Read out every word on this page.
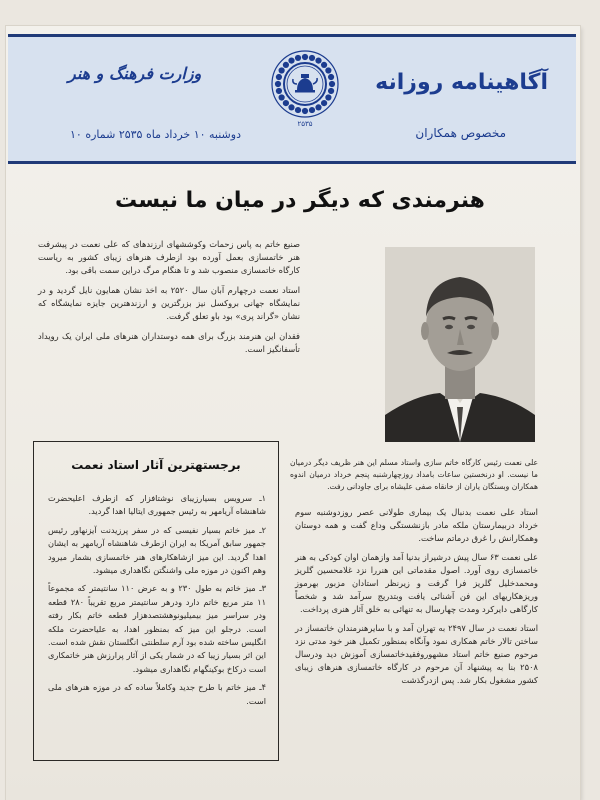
آگاهینامه روزانه
مخصوص همکاران
وزارت فرهنگ و هنر
دوشنبه ۱۰ خرداد ماه ۲۵۳۵ شماره ۱۰
۲۵۳۵
هنرمندی که دیگر در میان ما نیست

صنیع خاتم به پاس زحمات وکوششهای ارزندهای که علی نعمت در پیشرفت هنر خاتمسازی بعمل آورده بود ازطرف هنرهای زیبای کشور به ریاست کارگاه خاتمسازی منصوب شد و تا هنگام مرگ دراین سمت باقی بود.

استاد نعمت درچهارم آبان سال ۲۵۲۰ به اخذ نشان همایون نایل گردید و در نمایشگاه جهانی بروکسل نیز بزرگترین و ارزندهترین جایزه نمایشگاه که نشان «گراند پری» بود باو تعلق گرفت.

فقدان این هنرمند بزرگ برای همه دوستداران هنرهای ملی ایران یک رویداد تأسفانگیز است.

علی نعمت رئیس کارگاه خاتم سازی واستاد مسلم این هنر ظریف دیگر درمیان ما نیست. او درنخستین ساعات بامداد روزچهارشنبه پنجم خرداد درمیان اندوه همکاران وبستگان یاران از خانقاه صفی علیشاه برای جاودانی رفت.

استاد علی نعمت بدنبال یک بیماری طولانی عصر روزدوشنبه سوم خرداد دربیمارستان ملکه مادر بازنشستگی وداع گفت و همه دوستان وهمکارانش را غرق درماتم ساخت.

علی نعمت ۶۳ سال پیش درشیراز بدنیا آمد وازهمان اوان کودکی به هنر خاتمسازی روی آورد. اصول مقدماتی این هنررا نزد غلامحسین گلریز ومحمدخلیل گلریز فرا گرفت و زیرنظر استادان مزبور بهرموز وریزهکاریهای این فن آشنائی یافت وبتدریج سرآمد شد و شخصاً کارگاهی دایرکرد ومدت چهارسال به تنهائی به خلق آثار هنری پرداخت.

استاد نعمت در سال ۲۴۹۷ به تهران آمد و با سایرهنرمندان خاتمساز در ساختن تالار خاتم همکاری نمود وآنگاه بمنظور تکمیل هنر خود مدتی نزد مرحوم صنیع خاتم استاد مشهوروفقیدخاتمسازی آموزش دید ودرسال ۲۵۰۸ بنا به پیشنهاد آن مرحوم در کارگاه خاتمسازی هنرهای زیبای کشور مشغول بکار شد. پس ازدرگذشت

برجستهترین آثار استاد نعمت

۱ـ سرویس بسیارزیبای نوشتافزار که ازطرف اعلیحضرت شاهنشاه آریامهر به رئیس جمهوری ایتالیا اهدا گردید.

۲ـ میز خاتم بسیار نفیسی که در سفر پرزیدنت آیزنهاور رئیس جمهور سابق آمریکا به ایران ازطرف شاهنشاه آریامهر به ایشان اهدا گردید. این میز ازشاهکارهای هنر خاتمسازی بشمار میرود وهم اکنون در موزه ملی واشنگتن نگاهداری میشود.

۳ـ میز خاتم به طول ۲۳۰ و به عرض ۱۱۰ سانتیمتر که مجموعاً ۱۱ متر مربع خاتم دارد ودرهر سانتیمتر مربع تقریباً ۲۸۰ قطعه ودر سراسر میز بیمیلیونوهشتصدهزار قطعه خاتم بکار رفته است. درجلو این میز که بمنظور اهدا، به علیاحضرت ملکه انگلیس ساخته شده بود آرم سلطنتی انگلستان نقش شده است. این اثر بسیار زیبا که در شمار یکی از آثار پرارزش هنر خاتمکاری است درکاخ بوکینگهام نگاهداری میشود.

۴ـ میز خاتم با طرح جدید وکاملاً ساده که در موزه هنرهای ملی است.
